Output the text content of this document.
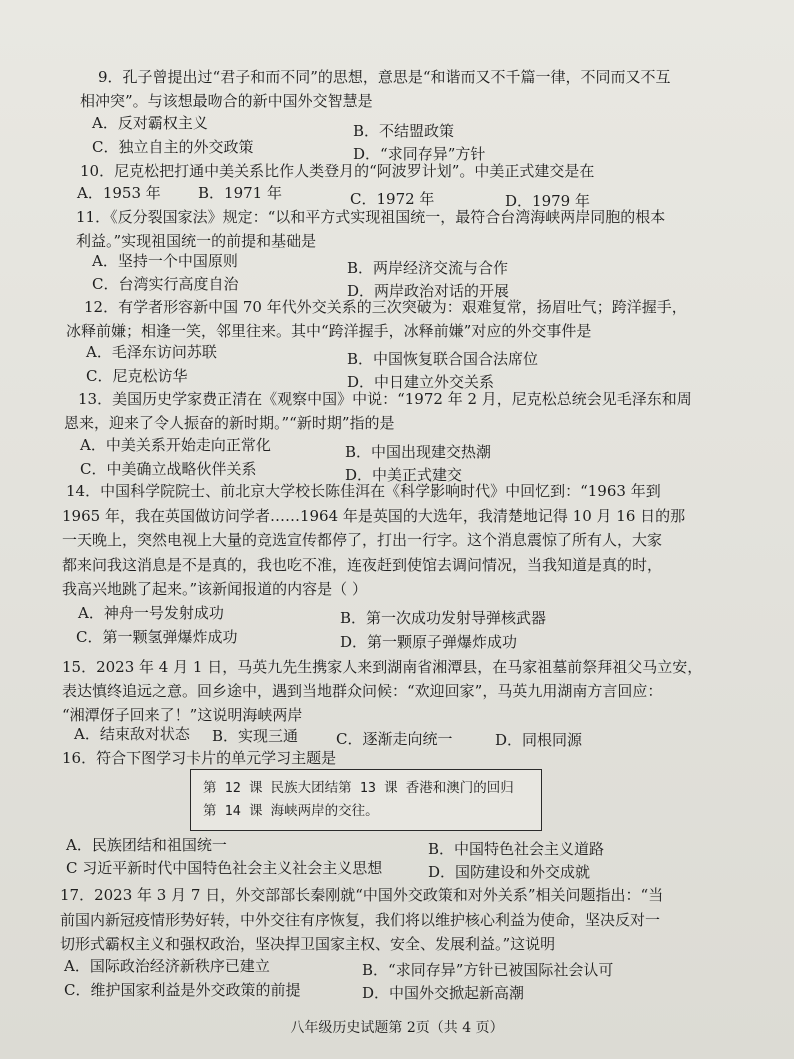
9．孔子曾提出过“君子和而不同”的思想，意思是“和谐而又不千篇一律，不同而又不互
相冲突”。与该想最吻合的新中国外交智慧是
A．反对霸权主义	B．不结盟政策
C．独立自主的外交政策	D．“求同存异”方针
10．尼克松把打通中美关系比作人类登月的“阿波罗计划”。中美正式建交是在
A．1953 年 B．1971 年	C．1972 年	D．1979 年
11．《反分裂国家法》规定：“以和平方式实现祖国统一，最符合台湾海峡两岸同胞的根本
利益。”实现祖国统一的前提和基础是
A．坚持一个中国原则	B．两岸经济交流与合作
C．台湾实行高度自治	D．两岸政治对话的开展
12．有学者形容新中国 70 年代外交关系的三次突破为：艰难复常，扬眉吐气；跨洋握手，
冰释前嫌；相逢一笑，邻里往来。其中“跨洋握手，冰释前嫌”对应的外交事件是
A．毛泽东访问苏联	B．中国恢复联合国合法席位
C．尼克松访华	D．中日建立外交关系
13．美国历史学家费正清在《观察中国》中说：“1972 年 2 月，尼克松总统会见毛泽东和周
恩来，迎来了令人振奋的新时期。”“新时期”指的是
A．中美关系开始走向正常化	B．中国出现建交热潮
C．中美确立战略伙伴关系	D．中美正式建交
14．中国科学院院士、前北京大学校长陈佳洱在《科学影响时代》中回忆到：“1963 年到
1965 年，我在英国做访问学者……1964 年是英国的大选年，我清楚地记得 10 月 16 日的那
一天晚上，突然电视上大量的竞选宣传都停了，打出一行字。这个消息震惊了所有人，大家
都来问我这消息是不是真的，我也吃不准，连夜赶到使馆去调问情况，当我知道是真的时，
我高兴地跳了起来。”该新闻报道的内容是（ ）
A．神舟一号发射成功	B．第一次成功发射导弹核武器
C．第一颗氢弹爆炸成功	D．第一颗原子弹爆炸成功
15．2023 年 4 月 1 日，马英九先生携家人来到湖南省湘潭县，在马家祖墓前祭拜祖父马立安，
表达慎终追远之意。回乡途中，遇到当地群众问候：“欢迎回家”，马英九用湖南方言回应：
“湘潭伢子回来了！”这说明海峡两岸
A．结束敌对状态 B．实现三通	C．逐渐走向统一	D．同根同源
16．符合下图学习卡片的单元学习主题是
第 12 课 民族大团结第 13 课 香港和澳门的回归
第 14 课 海峡两岸的交往。
A．民族团结和祖国统一	B．中国特色社会主义道路
C 习近平新时代中国特色社会主义社会主义思想	D．国防建设和外交成就
17．2023 年 3 月 7 日，外交部部长秦刚就“中国外交政策和对外关系”相关问题指出：“当
前国内新冠疫情形势好转，中外交往有序恢复，我们将以维护核心利益为使命，坚决反对一
切形式霸权主义和强权政治，坚决捍卫国家主权、安全、发展利益。”这说明
A．国际政治经济新秩序已建立	B．“求同存异”方针已被国际社会认可
C．维护国家利益是外交政策的前提	D．中国外交掀起新高潮
八年级历史试题第 2页（共 4 页）
